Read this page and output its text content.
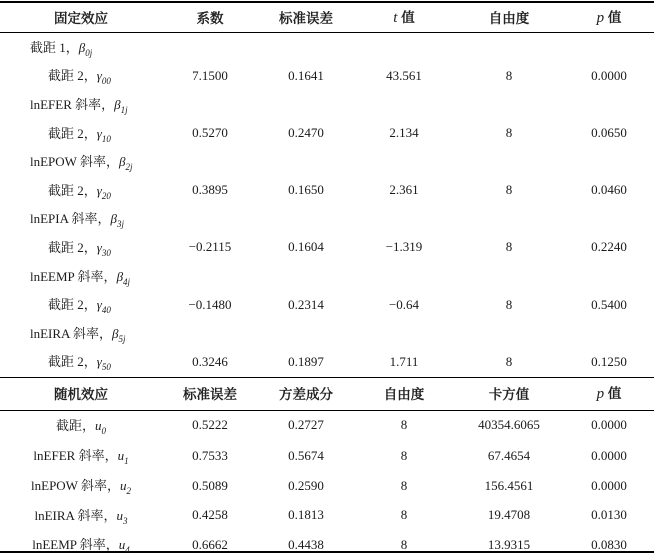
固定效应	系数	标准误差	t 值	自由度	p 值
截距 1，$\beta_{0j}$					
截距 2，$\gamma_{00}$	7.1500	0.1641	43.561	8	0.0000
lnEFER 斜率，$\beta_{1j}$					
截距 2，$\gamma_{10}$	0.5270	0.2470	2.134	8	0.0650
lnEPOW 斜率，$\beta_{2j}$					
截距 2，$\gamma_{20}$	0.3895	0.1650	2.361	8	0.0460
lnEPIA 斜率，$\beta_{3j}$					
截距 2，$\gamma_{30}$	−0.2115	0.1604	−1.319	8	0.2240
lnEEMP 斜率，$\beta_{4j}$					
截距 2，$\gamma_{40}$	−0.1480	0.2314	−0.64	8	0.5400
lnEIRA 斜率，$\beta_{5j}$					
截距 2，$\gamma_{50}$	0.3246	0.1897	1.711	8	0.1250
随机效应	标准误差	方差成分	自由度	卡方值	p 值
截距，$u_0$	0.5222	0.2727	8	40354.6065	0.0000
lnEFER 斜率，$u_1$	0.7533	0.5674	8	67.4654	0.0000
lnEPOW 斜率，$u_2$	0.5089	0.2590	8	156.4561	0.0000
lnEIRA 斜率，$u_3$	0.4258	0.1813	8	19.4708	0.0130
lnEEMP 斜率，$u_4$	0.6662	0.4438	8	13.9315	0.0830
